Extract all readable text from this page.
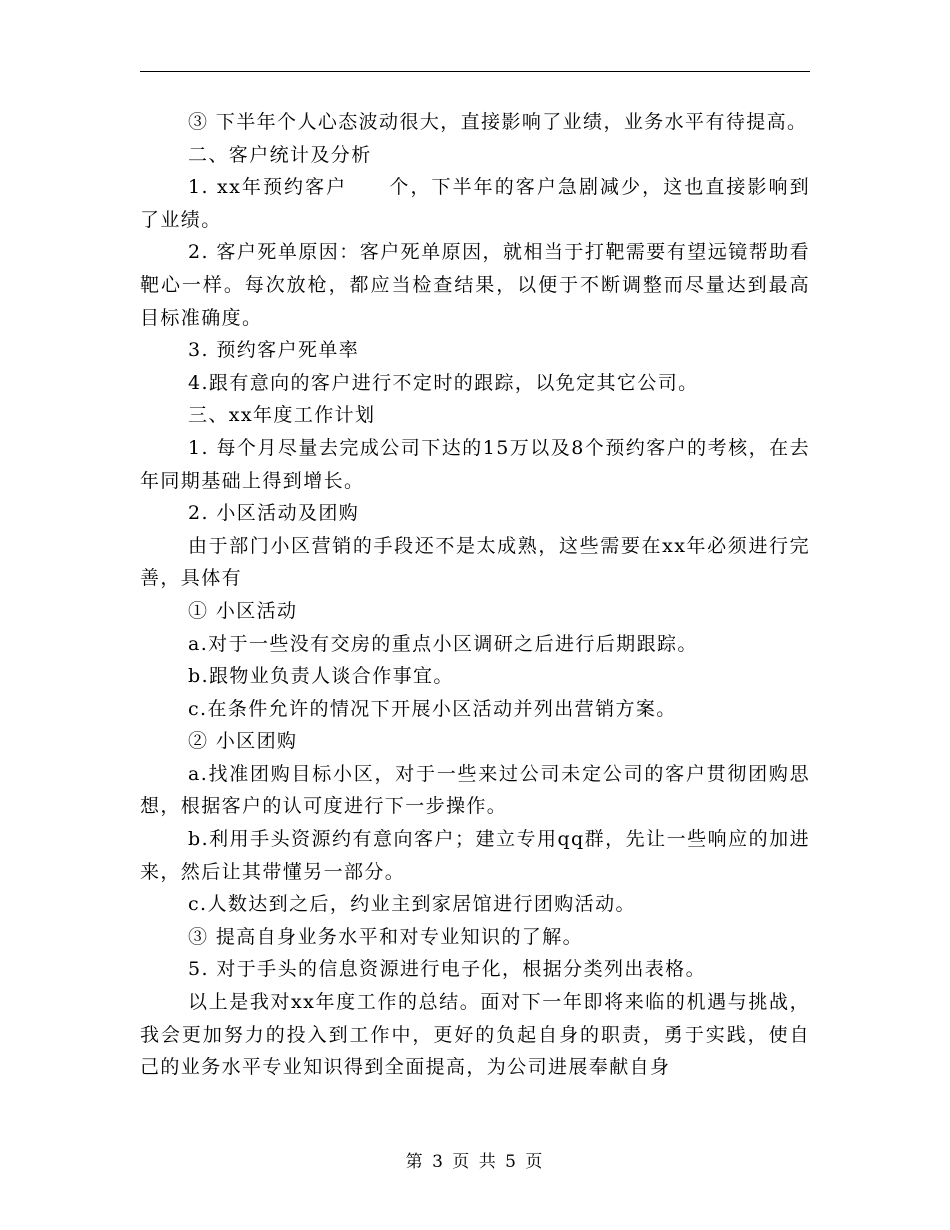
③ 下半年个人心态波动很大，直接影响了业绩，业务水平有待提高。

二、客户统计及分析

1. xx年预约客户　　个，下半年的客户急剧减少，这也直接影响到了业绩。

2. 客户死单原因：客户死单原因，就相当于打靶需要有望远镜帮助看靶心一样。每次放枪，都应当检查结果，以便于不断调整而尽量达到最高目标准确度。

3. 预约客户死单率

4.跟有意向的客户进行不定时的跟踪，以免定其它公司。

三、xx年度工作计划

1. 每个月尽量去完成公司下达的15万以及8个预约客户的考核，在去年同期基础上得到增长。

2. 小区活动及团购

由于部门小区营销的手段还不是太成熟，这些需要在xx年必须进行完善，具体有

① 小区活动

a.对于一些没有交房的重点小区调研之后进行后期跟踪。

b.跟物业负责人谈合作事宜。

c.在条件允许的情况下开展小区活动并列出营销方案。

② 小区团购

a.找准团购目标小区，对于一些来过公司未定公司的客户贯彻团购思想，根据客户的认可度进行下一步操作。

b.利用手头资源约有意向客户；建立专用qq群，先让一些响应的加进来，然后让其带懂另一部分。

c.人数达到之后，约业主到家居馆进行团购活动。

③ 提高自身业务水平和对专业知识的了解。

5. 对于手头的信息资源进行电子化，根据分类列出表格。

以上是我对xx年度工作的总结。面对下一年即将来临的机遇与挑战，我会更加努力的投入到工作中，更好的负起自身的职责，勇于实践，使自己的业务水平专业知识得到全面提高，为公司进展奉献自身

第 3 页 共 5 页
